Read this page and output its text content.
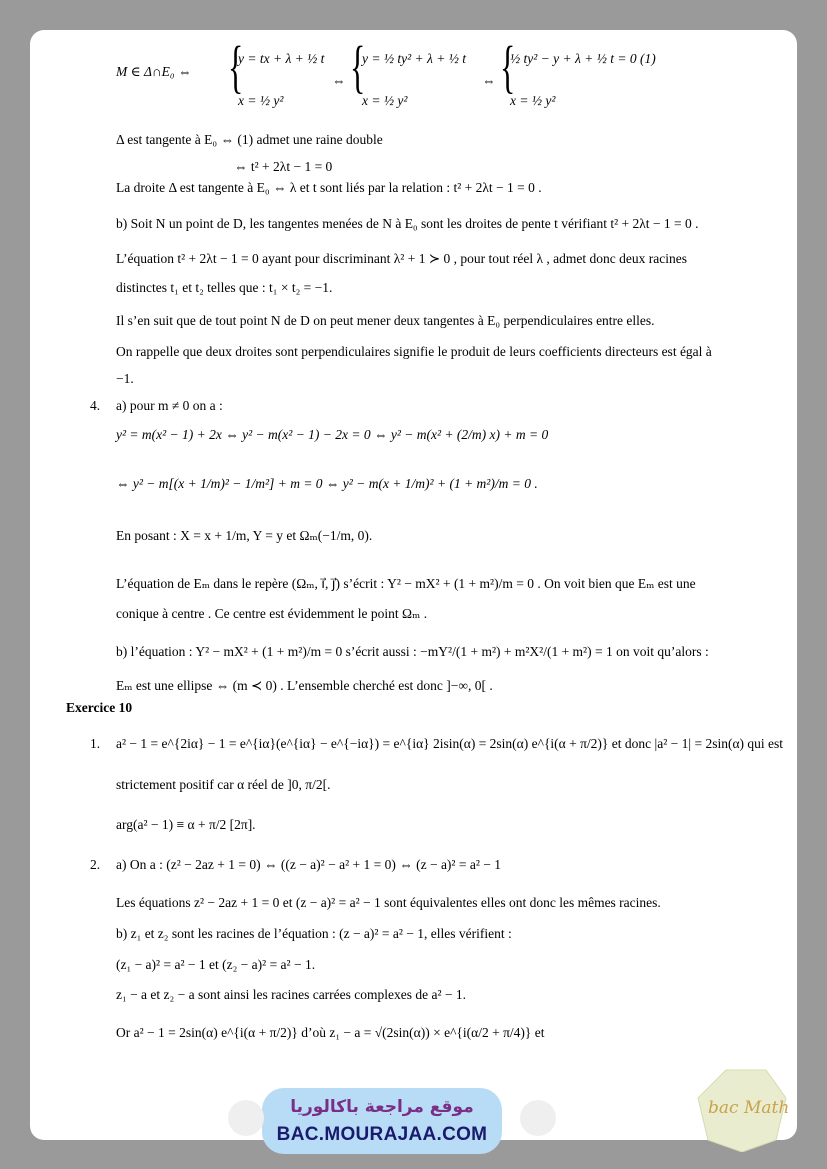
M ∈ Δ∩E₀ ⇔ {
y = tx + λ + ½ t
x = ½ y²
⇔ {
y = ½ ty² + λ + ½ t
x = ½ y²
⇔ {
½ ty² − y + λ + ½ t = 0 (1)
x = ½ y²
Δ est tangente à E₀ ⇔ (1) admet une raine double
⇔ t² + 2λt − 1 = 0
La droite Δ est tangente à E₀ ⇔ λ et t sont liés par la relation : t² + 2λt − 1 = 0 .
b) Soit N un point de D, les tangentes menées de N à E₀ sont les droites de pente t vérifiant t² + 2λt − 1 = 0 .
L’équation t² + 2λt − 1 = 0 ayant pour discriminant λ² + 1 ≻ 0 , pour tout réel λ , admet donc deux racines
distinctes t₁ et t₂ telles que : t₁ × t₂ = −1.
Il s’en suit que de tout point N de D on peut mener deux tangentes à E₀ perpendiculaires entre elles.
On rappelle que deux droites sont perpendiculaires signifie le produit de leurs coefficients directeurs est égal à
−1.
4. a) pour m ≠ 0 on a :
y² = m(x² − 1) + 2x ⇔ y² − m(x² − 1) − 2x = 0 ⇔ y² − m(x² + (2/m) x) + m = 0
⇔ y² − m[(x + 1/m)² − 1/m²] + m = 0 ⇔ y² − m(x + 1/m)² + (1 + m²)/m = 0 .
En posant : X = x + 1/m, Y = y et Ωₘ(−1/m, 0).
L’équation de Eₘ dans le repère (Ωₘ, i⃗, j⃗) s’écrit : Y² − mX² + (1 + m²)/m = 0 . On voit bien que Eₘ est une
conique à centre . Ce centre est évidemment le point Ωₘ .
b) l’équation : Y² − mX² + (1 + m²)/m = 0 s’écrit aussi : −mY²/(1 + m²) + m²X²/(1 + m²) = 1 on voit qu’alors :
Eₘ est une ellipse ⇔ (m ≺ 0) . L’ensemble cherché est donc ]−∞, 0[ .
Exercice 10
1. a² − 1 = e^{2iα} − 1 = e^{iα}(e^{iα} − e^{−iα}) = e^{iα} 2isin(α) = 2sin(α) e^{i(α + π/2)} et donc |a² − 1| = 2sin(α) qui est
strictement positif car α réel de ]0, π/2[.
arg(a² − 1) ≡ α + π/2 [2π].
2. a) On a : (z² − 2az + 1 = 0) ⇔ ((z − a)² − a² + 1 = 0) ⇔ (z − a)² = a² − 1
Les équations z² − 2az + 1 = 0 et (z − a)² = a² − 1 sont équivalentes elles ont donc les mêmes racines.
b) z₁ et z₂ sont les racines de l’équation : (z − a)² = a² − 1, elles vérifient :
(z₁ − a)² = a² − 1 et (z₂ − a)² = a² − 1.
z₁ − a et z₂ − a sont ainsi les racines carrées complexes de a² − 1.
Or a² − 1 = 2sin(α) e^{i(α + π/2)} d’où z₁ − a = √(2sin(α)) × e^{i(α/2 + π/4)} et
موقع مراجعة باكالوريا
BAC.MOURAJAA.COM
bac Math
